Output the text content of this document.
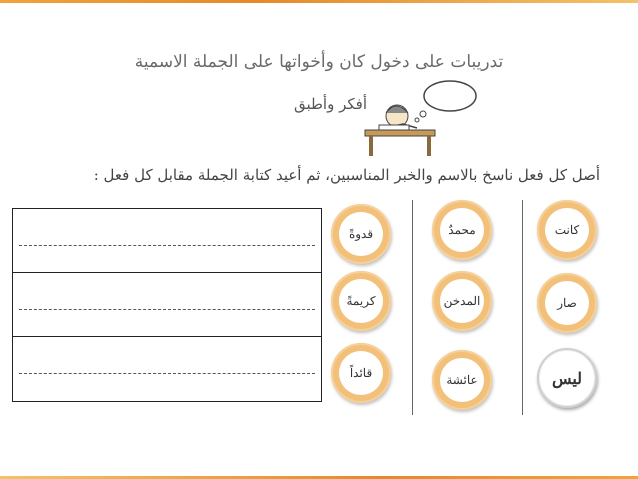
تدريبات على دخول كان وأخواتها على الجملة الاسمية
أفكر وأطبق
أصل كل فعل ناسخ بالاسم والخبر المناسبين، ثم أعيد كتابة الجملة مقابل كل فعل :
كانت
صار
ليس
محمدٌ
المدخن
عائشة
قدوةً
كريمةً
قائداً
